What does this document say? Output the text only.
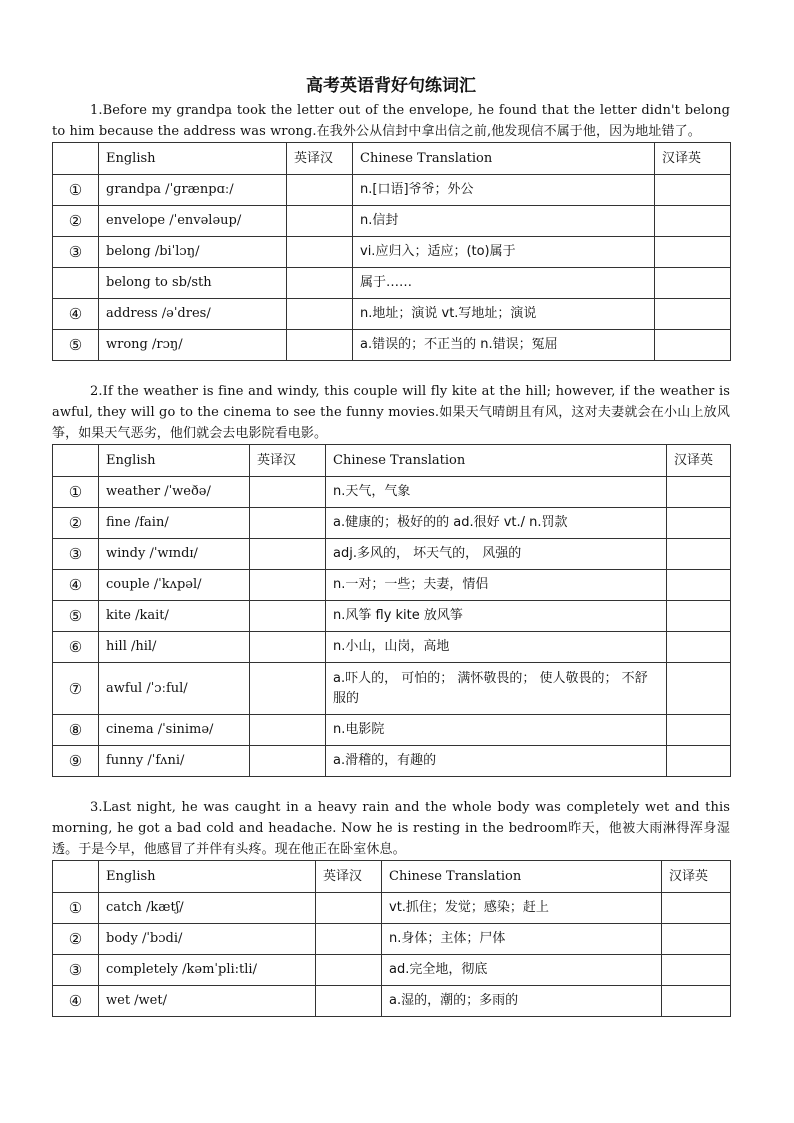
高考英语背好句练词汇

1.Before my grandpa took the letter out of the envelope, he found that the letter didn't belong to him because the address was wrong.在我外公从信封中拿出信之前,他发现信不属于他，因为地址错了。

	English	英译汉	Chinese Translation	汉译英
①	grandpa /ˈɡrænpɑː/		n.[口语]爷爷；外公	
②	envelope /ˈenvələup/		n.信封	
③	belong /biˈlɔŋ/		vi.应归入；适应；(to)属于	
	belong to sb/sth		属于……	
④	address /əˈdres/		n.地址；演说 vt.写地址；演说	
⑤	wrong /rɔŋ/		a.错误的；不正当的 n.错误；冤屈	

2.If the weather is fine and windy, this couple will fly kite at the hill; however, if the weather is awful, they will go to the cinema to see the funny movies.如果天气晴朗且有风，这对夫妻就会在小山上放风筝，如果天气恶劣，他们就会去电影院看电影。

	English	英译汉	Chinese Translation	汉译英
①	weather /ˈweðə/		n.天气，气象	
②	fine /fain/		a.健康的；极好的的 ad.很好 vt./ n.罚款	
③	windy /ˈwɪndɪ/		adj.多风的， 坏天气的， 风强的	
④	couple /ˈkʌpəl/		n.一对；一些；夫妻，情侣	
⑤	kite /kait/		n.风筝 fly kite 放风筝	
⑥	hill /hil/		n.小山，山岗，高地	
⑦	awful /ˈɔːful/		a.吓人的， 可怕的； 满怀敬畏的； 使人敬畏的； 不舒服的	
⑧	cinema /ˈsinimə/		n.电影院	
⑨	funny /ˈfʌni/		a.滑稽的，有趣的	

3.Last night, he was caught in a heavy rain and the whole body was completely wet and this morning, he got a bad cold and headache. Now he is resting in the bedroom昨天，他被大雨淋得浑身湿透。于是今早，他感冒了并伴有头疼。现在他正在卧室休息。

	English	英译汉	Chinese Translation	汉译英
①	catch /kætʃ/		vt.抓住；发觉；感染；赶上	
②	body /ˈbɔdi/		n.身体；主体；尸体	
③	completely /kəmˈpli:tli/		ad.完全地，彻底	
④	wet /wet/		a.湿的，潮的；多雨的	
